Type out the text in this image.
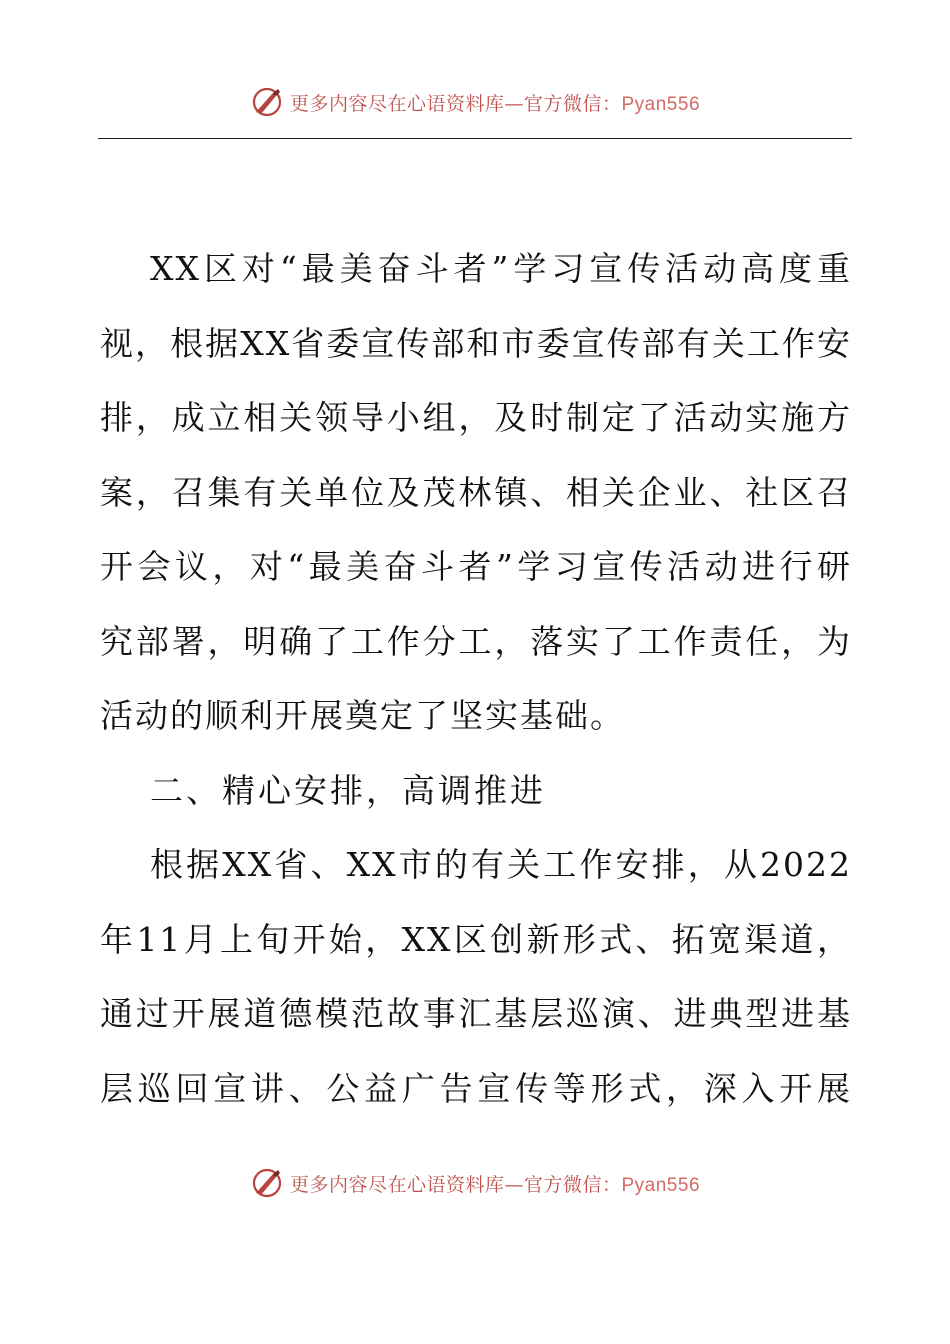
更多内容尽在心语资料库—官方微信：Pyan556
XX区对“最美奋斗者”学习宣传活动高度重
视，根据XX省委宣传部和市委宣传部有关工作安
排，成立相关领导小组，及时制定了活动实施方
案，召集有关单位及茂林镇、相关企业、社区召
开会议，对“最美奋斗者”学习宣传活动进行研
究部署，明确了工作分工，落实了工作责任，为
活动的顺利开展奠定了坚实基础。
二、精心安排，高调推进
根据XX省、XX市的有关工作安排，从2022
年11月上旬开始，XX区创新形式、拓宽渠道，
通过开展道德模范故事汇基层巡演、进典型进基
层巡回宣讲、公益广告宣传等形式，深入开展
更多内容尽在心语资料库—官方微信：Pyan556
